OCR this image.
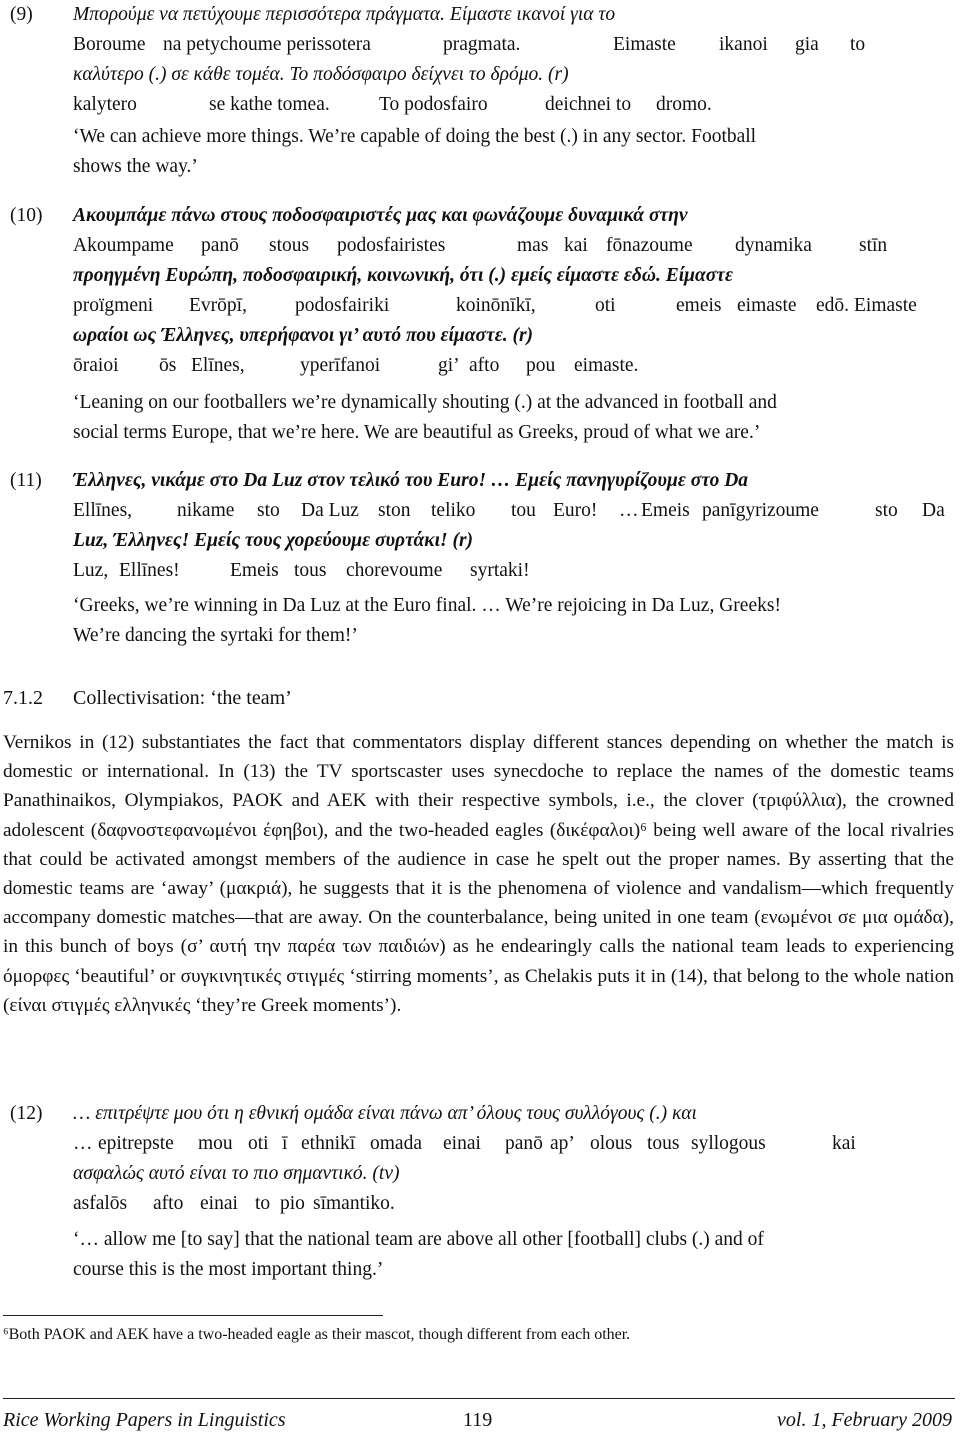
(9) Μπορούμε να πετύχουμε περισσότερα πράγματα. Είμαστε ικανοί για το
Boroume na petychoume perissotera	pragmata.	Eimaste ikanoi gia to
καλύτερο (.) σε κάθε τομέα. Το ποδόσφαιρο δείχνει το δρόμο. (r)
kalytero	se kathe tomea.	To podosfairo	deichnei to dromo.
‘We can achieve more things. We’re capable of doing the best (.) in any sector. Football
shows the way.’
(10) Ακουμπάμε πάνω στους ποδοσφαιριστές μας και φωνάζουμε δυναμικά στην
Akoumpame panō stous podosfairistes	mas kai fōnazoume dynamika stīn
προηγμένη Ευρώπη, ποδοσφαιρική, κοινωνική, ότι (.) εμείς είμαστε εδώ. Είμαστε
proïgmeni Evrōpī, podosfairiki	koinōnīkī,	oti	emeis eimaste edō. Eimaste
ωραίοι ως Έλληνες, υπερήφανοι γι’ αυτό που είμαστε. (r)
ōraioi ōs Elīnes,	yperīfanoi	gi’ afto pou eimaste.
‘Leaning on our footballers we’re dynamically shouting (.) at the advanced in football and
social terms Europe, that we’re here. We are beautiful as Greeks, proud of what we are.’
(11) Έλληνες, νικάμε στο Da Luz στον τελικό του Euro! … Εμείς πανηγυρίζουμε στο Da
Ellīnes, nikame sto Da Luz ston teliko tou Euro! … Emeis panīgyrizoume	sto Da
Luz, Έλληνες! Εμείς τους χορεύουμε συρτάκι! (r)
Luz, Ellīnes!	Emeis tous chorevoume syrtaki!
‘Greeks, we’re winning in Da Luz at the Euro final. … We’re rejoicing in Da Luz, Greeks!
We’re dancing the syrtaki for them!’
7.1.2 Collectivisation: ‘the team’
Vernikos in (12) substantiates the fact that commentators display different stances depending on whether the match is domestic or international. In (13) the TV sportscaster uses synecdoche to replace the names of the domestic teams Panathinaikos, Olympiakos, PAOK and AEK with their respective symbols, i.e., the clover (τριφύλλια), the crowned adolescent (δαφνοστεφανωμένοι έφηβοι), and the two-headed eagles (δικέφαλοι)⁶ being well aware of the local rivalries that could be activated amongst members of the audience in case he spelt out the proper names. By asserting that the domestic teams are ‘away’ (μακριά), he suggests that it is the phenomena of violence and vandalism—which frequently accompany domestic matches—that are away. On the counterbalance, being united in one team (ενωμένοι σε μια ομάδα), in this bunch of boys (σ’ αυτή την παρέα των παιδιών) as he endearingly calls the national team leads to experiencing όμορφες ‘beautiful’ or συγκινητικές στιγμές ‘stirring moments’, as Chelakis puts it in (14), that belong to the whole nation (είναι στιγμές ελληνικές ‘they’re Greek moments’).
(12) … επιτρέψτε μου ότι η εθνική ομάδα είναι πάνω απ’ όλους τους συλλόγους (.) και
… epitrepste mou oti ī ethnikī omada einai panō ap’ olous tous syllogous	kai
ασφαλώς αυτό είναι το πιο σημαντικό. (tv)
asfalōs afto einai to pio sīmantiko.
‘… allow me [to say] that the national team are above all other [football] clubs (.) and of
course this is the most important thing.’
⁶Both PAOK and AEK have a two-headed eagle as their mascot, though different from each other.
Rice Working Papers in Linguistics	119	vol. 1, February 2009
